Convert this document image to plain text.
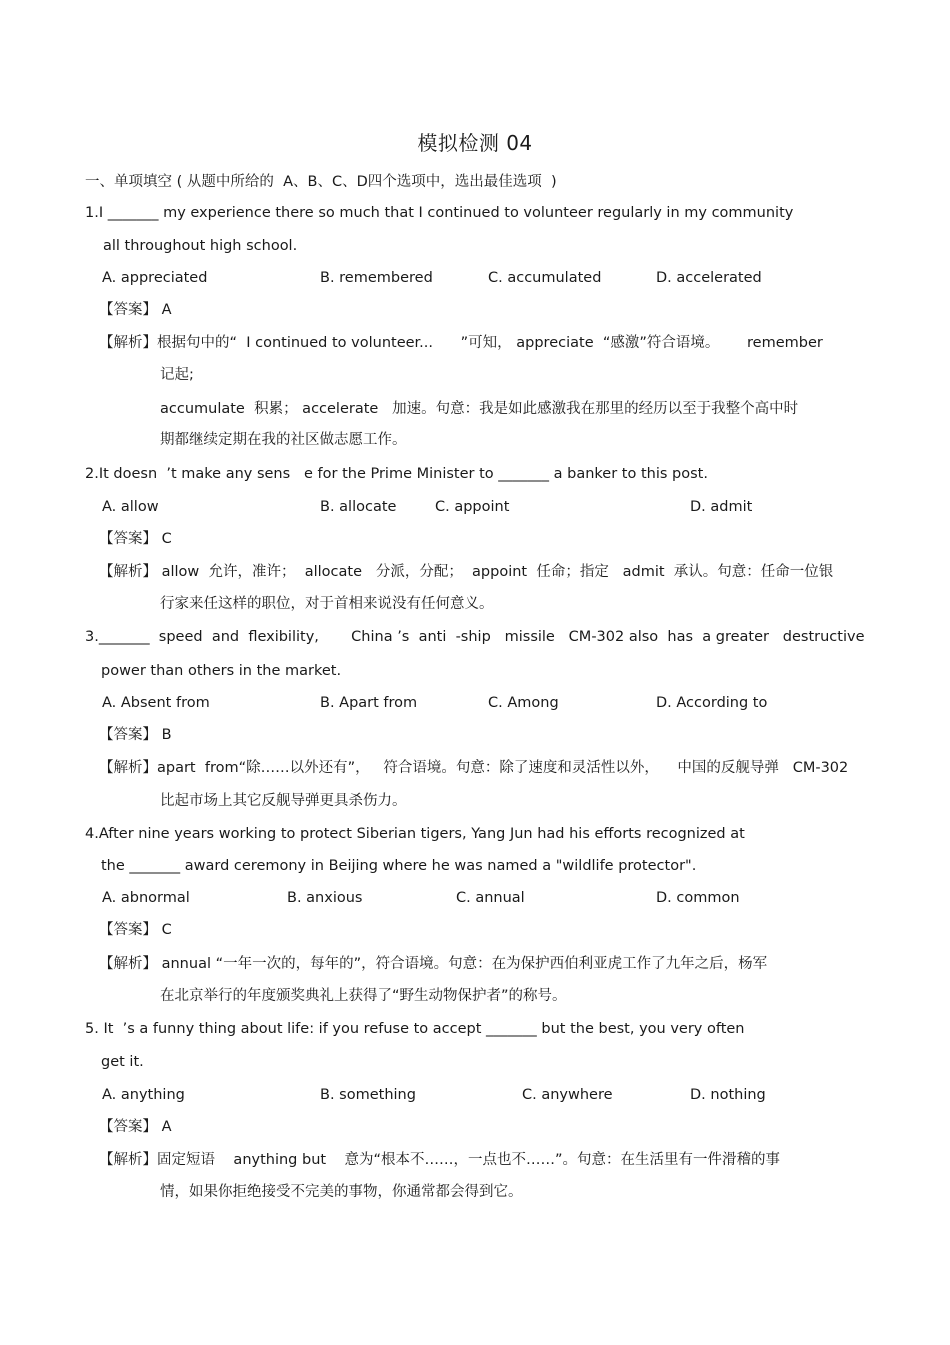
模拟检测 04
一、单项填空 ( 从题中所给的  A、B、C、D四个选项中，选出最佳选项  )
1.I _______ my experience there so much that I continued to volunteer regularly in my community
all throughout high school.
A. appreciated	B. remembered	C. accumulated	D. accelerated
【答案】 A
【解析】根据句中的“  I continued to volunteer...      ”可知， appreciate  “感激”符合语境。      remember
记起;
accumulate  积累； accelerate   加速。句意：我是如此感激我在那里的经历以至于我整个高中时
期都继续定期在我的社区做志愿工作。
2.It doesn  ’t make any sens   e for the Prime Minister to _______ a banker to this post.
A. allow	B. allocate	C. appoint	D. admit
【答案】 C
【解析】 allow  允许，准许；  allocate   分派，分配；  appoint  任命；指定   admit  承认。句意：任命一位银
行家来任这样的职位，对于首相来说没有任何意义。
3._______  speed  and  flexibility,       China ’s  anti  -ship   missile   CM-302 also  has  a greater   destructive
power than others in the market.
A. Absent from	B. Apart from	C. Among	D. According to
【答案】 B
【解析】apart  from“除……以外还有”，   符合语境。句意：除了速度和灵活性以外，    中国的反舰导弹   CM-302
比起市场上其它反舰导弹更具杀伤力。
4.After nine years working to protect Siberian tigers, Yang Jun had his efforts recognized at
the _______ award ceremony in Beijing where he was named a "wildlife protector".
A. abnormal	B. anxious	C. annual	D. common
【答案】 C
【解析】 annual “一年一次的，每年的”，符合语境。句意：在为保护西伯利亚虎工作了九年之后，杨军
在北京举行的年度颁奖典礼上获得了“野生动物保护者”的称号。
5. It  ’s a funny thing about life: if you refuse to accept _______ but the best, you very often
get it.
A. anything	B. something	C. anywhere	D. nothing
【答案】 A
【解析】固定短语    anything but    意为“根本不……，一点也不……”。句意：在生活里有一件滑稽的事
情，如果你拒绝接受不完美的事物，你通常都会得到它。
